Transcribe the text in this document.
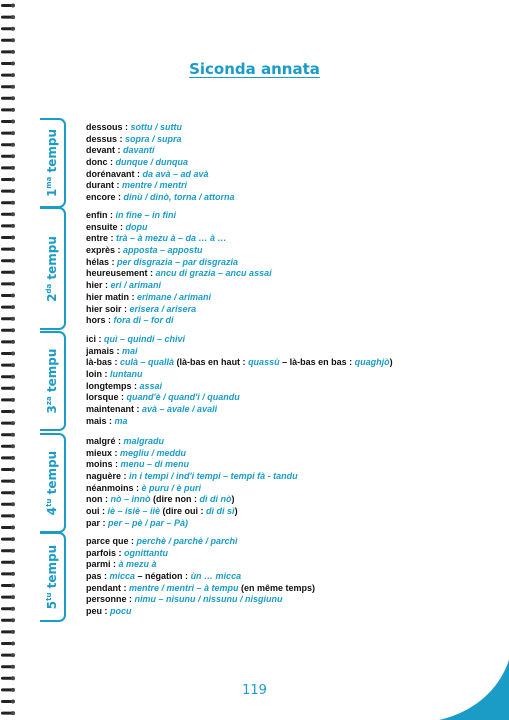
Siconda annata
$1^{ma}$ tempu
dessous : sottu / suttu
dessus : sopra / supra
devant : davanti
donc : dunque / dunqua
dorénavant : da avà – ad avà
durant : mentre / mentri
encore : dinù / dinò, torna / attorna
$2^{da}$ tempu
enfin : in fine – in fini
ensuite : dopu
entre : trà – à mezu à – da … à …
exprès : apposta – appostu
hélas : per disgrazia – par disgrazia
heureusement : ancu di grazia – ancu assai
hier : eri / arimani
hier matin : erimane / arimani
hier soir : erisera / arisera
hors : fora di – for di
$3^{za}$ tempu
ici : quì – quindi – chivi
jamais : mai
là-bas : culà – quallà (là-bas en haut : quassù – là-bas en bas : quaghjò)
loin : luntanu
longtemps : assai
lorsque : quand'è / quand'i / quandu
maintenant : avà – avale / avali
mais : ma
$4^{tu}$ tempu
malgré : malgradu
mieux : megliu / meddu
moins : menu – di menu
naguère : in i tempi / ind'i tempi – tempi fà - tandu
néanmoins : è puru / è puri
non : nò – innò (dire non : dì di nò)
oui : iè – isiè – iiè (dire oui : dì di sì)
par : per – pè / par – Pà)
$5^{tu}$ tempu
parce que : perchè / parchè / parchì
parfois : ognittantu
parmi : à mezu à
pas : micca – négation : ùn … micca
pendant : mentre / mentri – à tempu (en même temps)
personne : nimu – nisunu / nissunu / nisgiunu
peu : pocu
119
